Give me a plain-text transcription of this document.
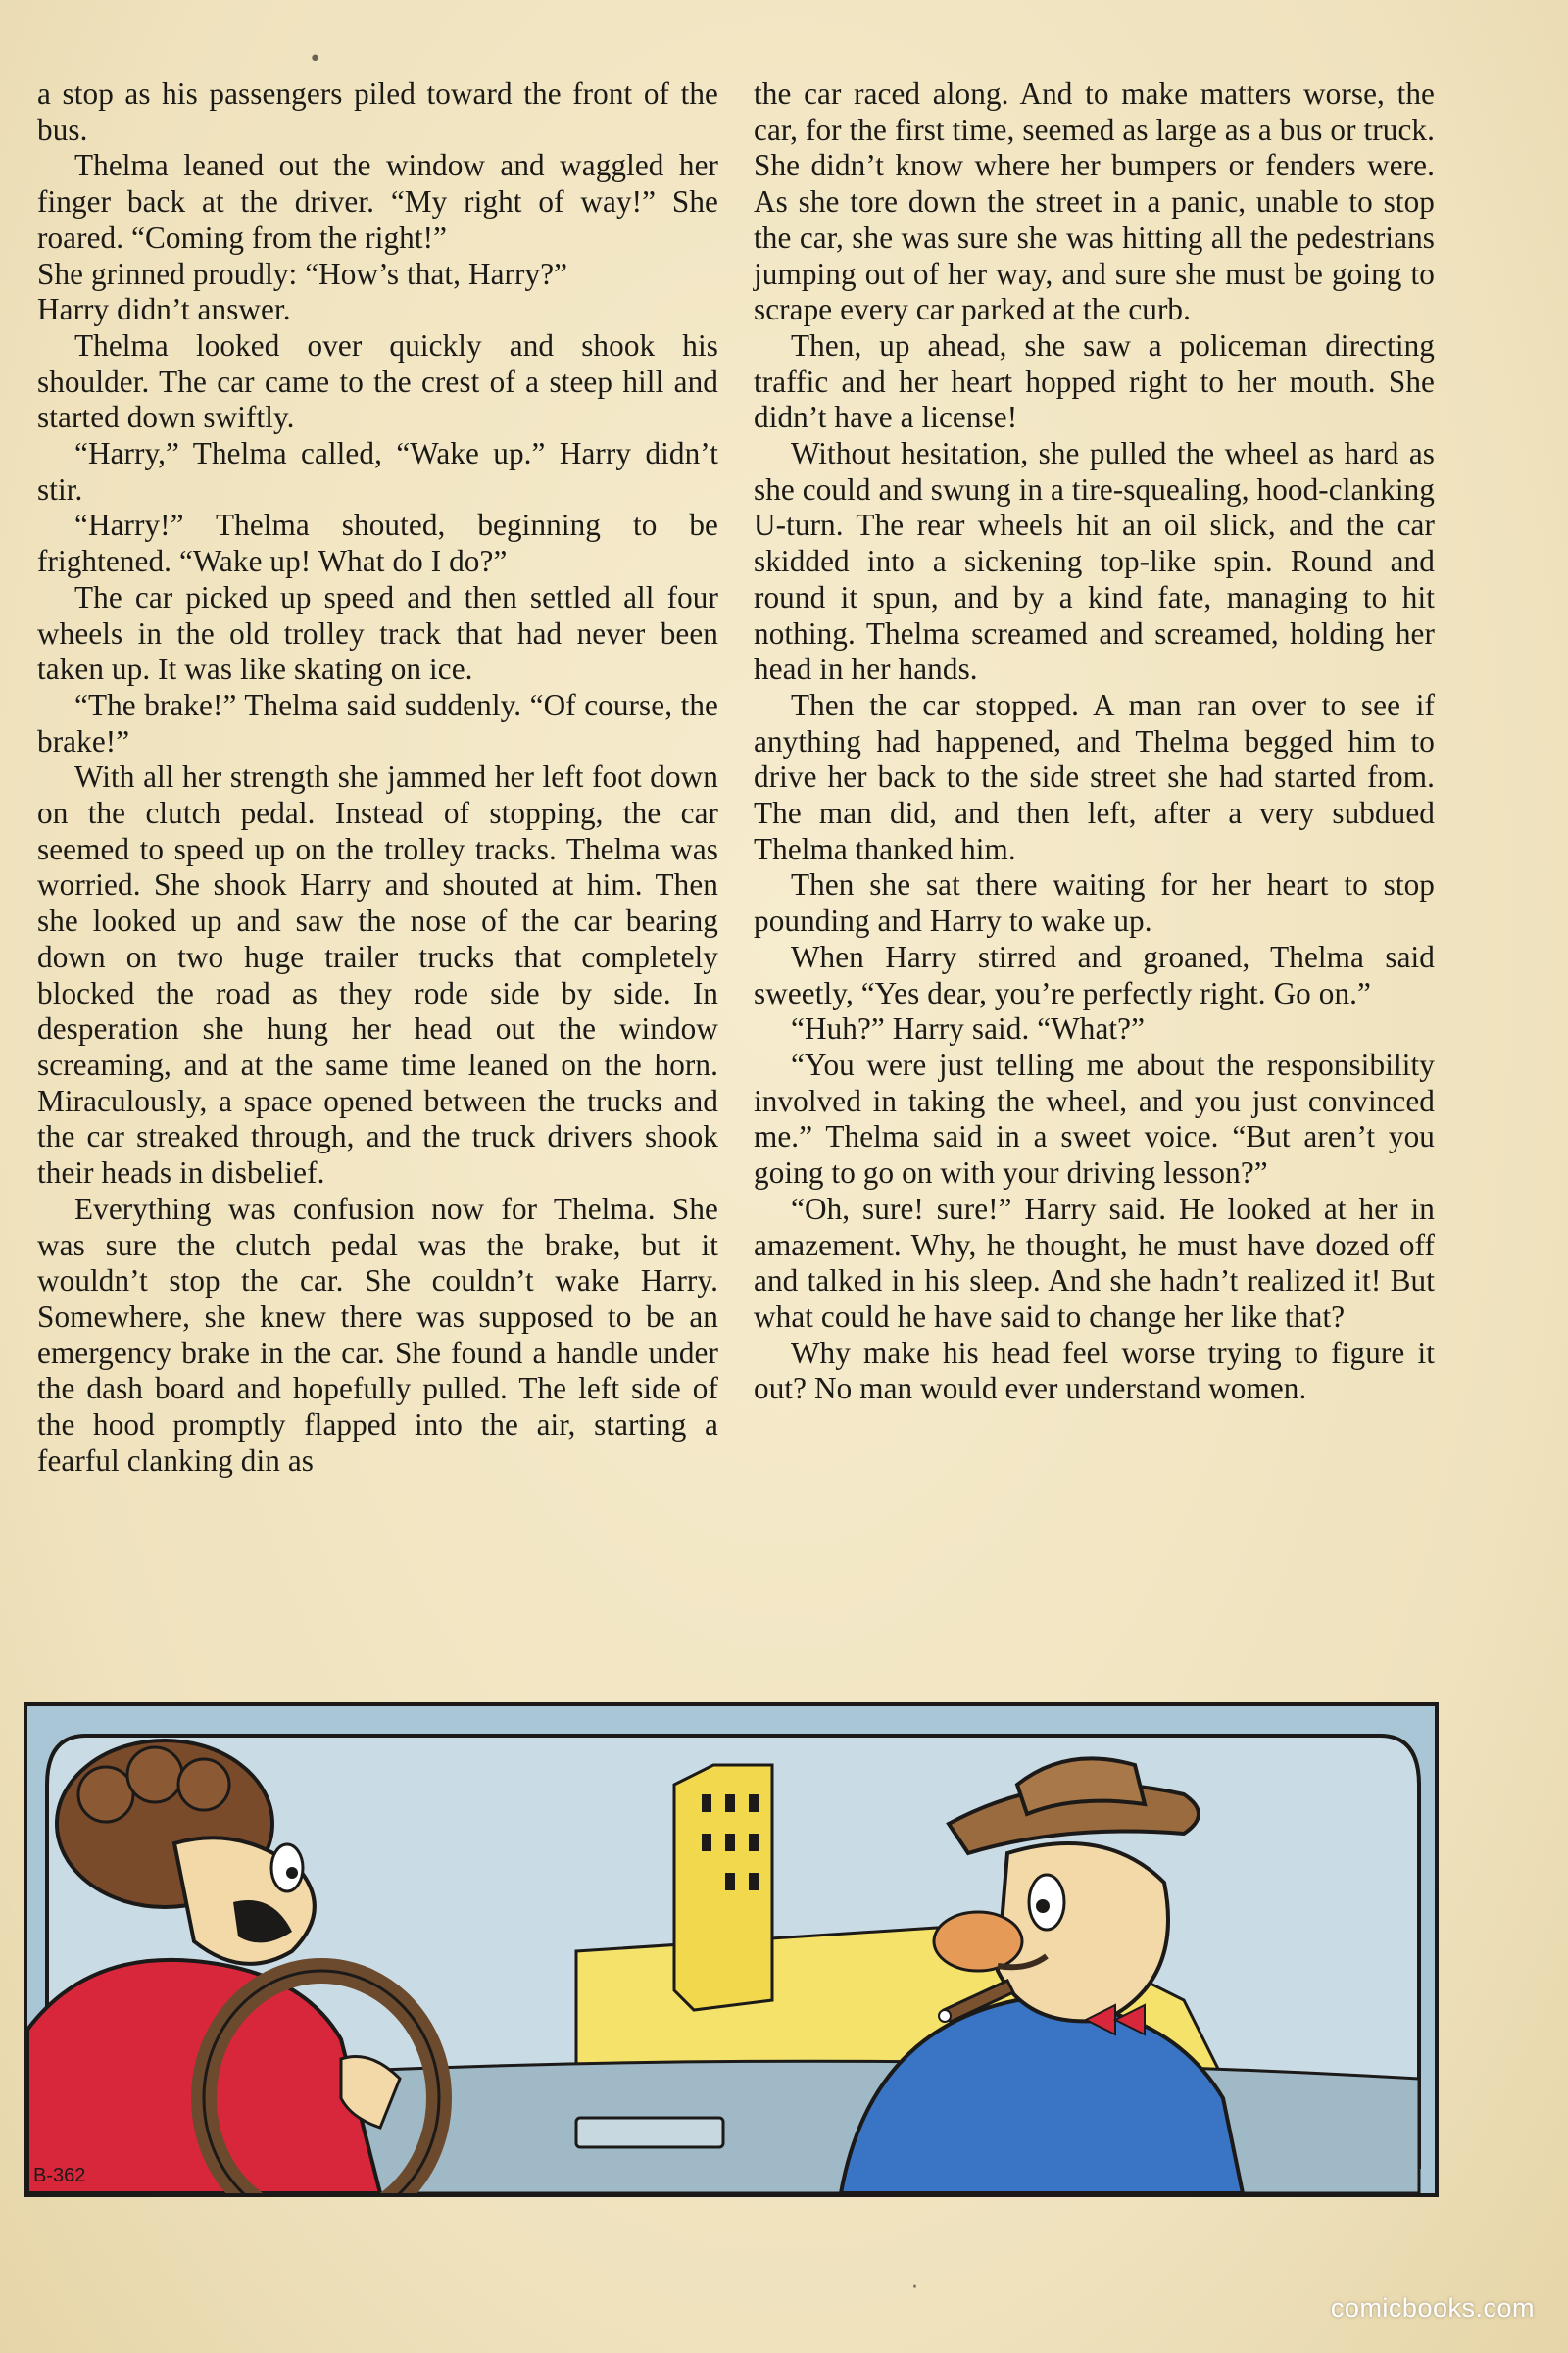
a stop as his passengers piled toward the front of the bus.

Thelma leaned out the window and waggled her finger back at the driver. “My right of way!” She roared. “Coming from the right!”

She grinned proudly: “How’s that, Harry?”

Harry didn’t answer.

Thelma looked over quickly and shook his shoulder. The car came to the crest of a steep hill and started down swiftly.

“Harry,” Thelma called, “Wake up.” Harry didn’t stir.

“Harry!” Thelma shouted, beginning to be frightened. “Wake up! What do I do?”

The car picked up speed and then settled all four wheels in the old trolley track that had never been taken up. It was like skating on ice.

“The brake!” Thelma said suddenly. “Of course, the brake!”

With all her strength she jammed her left foot down on the clutch pedal. Instead of stopping, the car seemed to speed up on the trolley tracks. Thelma was worried. She shook Harry and shouted at him. Then she looked up and saw the nose of the car bearing down on two huge trailer trucks that completely blocked the road as they rode side by side. In desperation she hung her head out the window screaming, and at the same time leaned on the horn. Miraculously, a space opened between the trucks and the car streaked through, and the truck drivers shook their heads in disbelief.

Everything was confusion now for Thelma. She was sure the clutch pedal was the brake, but it wouldn’t stop the car. She couldn’t wake Harry. Somewhere, she knew there was supposed to be an emergency brake in the car. She found a handle under the dash board and hopefully pulled. The left side of the hood promptly flapped into the air, starting a fearful clanking din as

the car raced along. And to make matters worse, the car, for the first time, seemed as large as a bus or truck. She didn’t know where her bumpers or fenders were. As she tore down the street in a panic, unable to stop the car, she was sure she was hitting all the pedestrians jumping out of her way, and sure she must be going to scrape every car parked at the curb.

Then, up ahead, she saw a policeman directing traffic and her heart hopped right to her mouth. She didn’t have a license!

Without hesitation, she pulled the wheel as hard as she could and swung in a tire-squealing, hood-clanking U-turn. The rear wheels hit an oil slick, and the car skidded into a sickening top-like spin. Round and round it spun, and by a kind fate, managing to hit nothing. Thelma screamed and screamed, holding her head in her hands.

Then the car stopped. A man ran over to see if anything had happened, and Thelma begged him to drive her back to the side street she had started from. The man did, and then left, after a very subdued Thelma thanked him.

Then she sat there waiting for her heart to stop pounding and Harry to wake up.

When Harry stirred and groaned, Thelma said sweetly, “Yes dear, you’re perfectly right. Go on.”

“Huh?” Harry said. “What?”

“You were just telling me about the responsibility involved in taking the wheel, and you just convinced me.” Thelma said in a sweet voice. “But aren’t you going to go on with your driving lesson?”

“Oh, sure! sure!” Harry said. He looked at her in amazement. Why, he thought, he must have dozed off and talked in his sleep. And she hadn’t realized it! But what could he have said to change her like that?

Why make his head feel worse trying to figure it out? No man would ever understand women.

B-362
•
·
comicbooks.com
